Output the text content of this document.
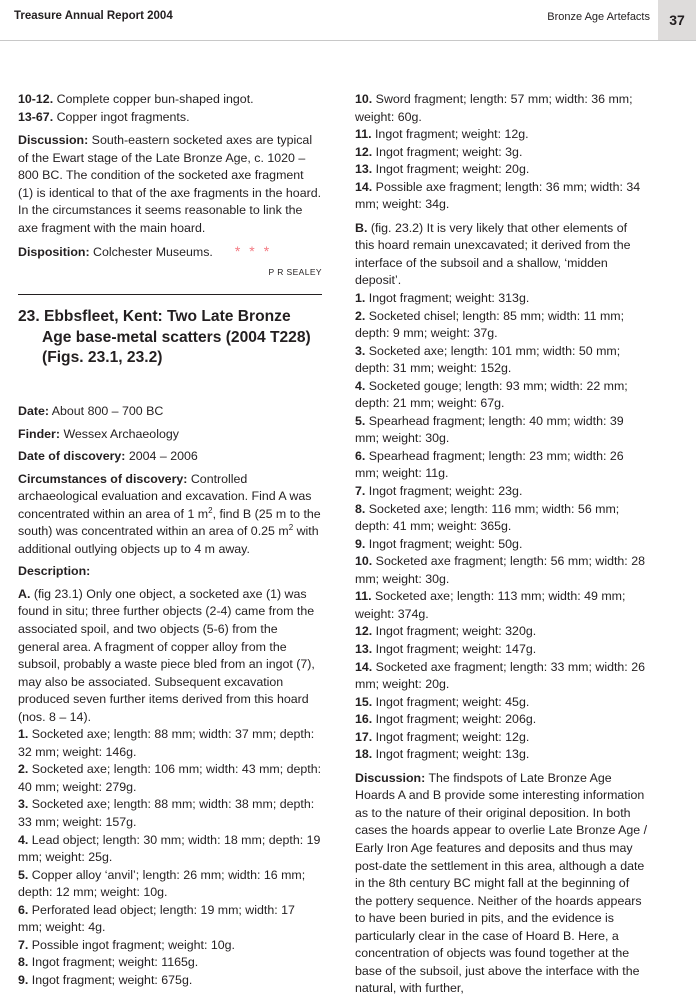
Treasure Annual Report 2004	Bronze Age Artefacts	37

10-12. Complete copper bun-shaped ingot.

13-67. Copper ingot fragments.

Discussion: South-eastern socketed axes are typical of the Ewart stage of the Late Bronze Age, c. 1020 – 800 BC. The condition of the socketed axe fragment (1) is identical to that of the axe fragments in the hoard. In the circumstances it seems reasonable to link the axe fragment with the main hoard.

Disposition: Colchester Museums. ***

P R SEALEY

23. Ebbsfleet, Kent: Two Late Bronze Age base-metal scatters (2004 T228) (Figs. 23.1, 23.2)

Date: About 800 – 700 BC

Finder: Wessex Archaeology

Date of discovery: 2004 – 2006

Circumstances of discovery: Controlled archaeological evaluation and excavation. Find A was concentrated within an area of 1 $m^2$, find B (25 m to the south) was concentrated within an area of 0.25 $m^2$ with additional outlying objects up to 4 m away.

Description:

A. (fig 23.1) Only one object, a socketed axe (1) was found in situ; three further objects (2-4) came from the associated spoil, and two objects (5-6) from the general area. A fragment of copper alloy from the subsoil, probably a waste piece bled from an ingot (7), may also be associated. Subsequent excavation produced seven further items derived from this hoard (nos. 8 – 14).

1. Socketed axe; length: 88 mm; width: 37 mm; depth: 32 mm; weight: 146g.

2. Socketed axe; length: 106 mm; width: 43 mm; depth: 40 mm; weight: 279g.

3. Socketed axe; length: 88 mm; width: 38 mm; depth: 33 mm; weight: 157g.

4. Lead object; length: 30 mm; width: 18 mm; depth: 19 mm; weight: 25g.

5. Copper alloy ‘anvil’; length: 26 mm; width: 16 mm; depth: 12 mm; weight: 10g.

6. Perforated lead object; length: 19 mm; width: 17 mm; weight: 4g.

7. Possible ingot fragment; weight: 10g.

8. Ingot fragment; weight: 1165g.

9. Ingot fragment; weight: 675g.

10. Sword fragment; length: 57 mm; width: 36 mm; weight: 60g.

11. Ingot fragment; weight: 12g.

12. Ingot fragment; weight: 3g.

13. Ingot fragment; weight: 20g.

14. Possible axe fragment; length: 36 mm; width: 34 mm; weight: 34g.

B. (fig. 23.2) It is very likely that other elements of this hoard remain unexcavated; it derived from the interface of the subsoil and a shallow, ‘midden deposit’.

1. Ingot fragment; weight: 313g.

2. Socketed chisel; length: 85 mm; width: 11 mm; depth: 9 mm; weight: 37g.

3. Socketed axe; length: 101 mm; width: 50 mm; depth: 31 mm; weight: 152g.

4. Socketed gouge; length: 93 mm; width: 22 mm; depth: 21 mm; weight: 67g.

5. Spearhead fragment; length: 40 mm; width: 39 mm; weight: 30g.

6. Spearhead fragment; length: 23 mm; width: 26 mm; weight: 11g.

7. Ingot fragment; weight: 23g.

8. Socketed axe; length: 116 mm; width: 56 mm; depth: 41 mm; weight: 365g.

9. Ingot fragment; weight: 50g.

10. Socketed axe fragment; length: 56 mm; width: 28 mm; weight: 30g.

11. Socketed axe; length: 113 mm; width: 49 mm; weight: 374g.

12. Ingot fragment; weight: 320g.

13. Ingot fragment; weight: 147g.

14. Socketed axe fragment; length: 33 mm; width: 26 mm; weight: 20g.

15. Ingot fragment; weight: 45g.

16. Ingot fragment; weight: 206g.

17. Ingot fragment; weight: 12g.

18. Ingot fragment; weight: 13g.

Discussion: The findspots of Late Bronze Age Hoards A and B provide some interesting information as to the nature of their original deposition. In both cases the hoards appear to overlie Late Bronze Age / Early Iron Age features and deposits and thus may post-date the settlement in this area, although a date in the 8th century BC might fall at the beginning of the pottery sequence. Neither of the hoards appears to have been buried in pits, and the evidence is particularly clear in the case of Hoard B. Here, a concentration of objects was found together at the base of the subsoil, just above the interface with the natural, with further,
